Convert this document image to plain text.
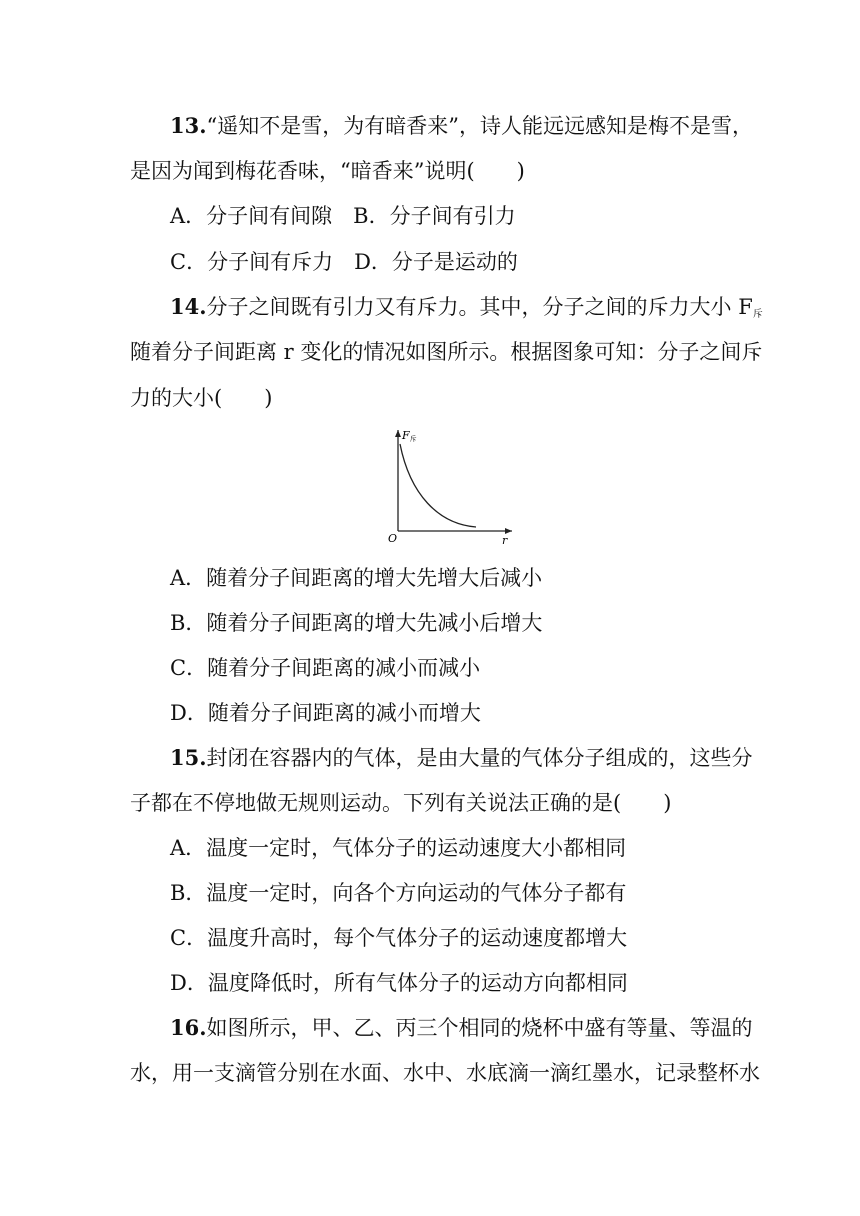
13.“遥知不是雪，为有暗香来”，诗人能远远感知是梅不是雪，
是因为闻到梅花香味，“暗香来”说明(　　)
A．分子间有间隙　B．分子间有引力
C．分子间有斥力　D．分子是运动的
14.分子之间既有引力又有斥力。其中，分子之间的斥力大小 $F_斥$
随着分子间距离 r 变化的情况如图所示。根据图象可知：分子之间斥
力的大小(　　)
F斥
O	r
A．随着分子间距离的增大先增大后减小
B．随着分子间距离的增大先减小后增大
C．随着分子间距离的减小而减小
D．随着分子间距离的减小而增大
15.封闭在容器内的气体，是由大量的气体分子组成的，这些分
子都在不停地做无规则运动。下列有关说法正确的是(　　)
A．温度一定时，气体分子的运动速度大小都相同
B．温度一定时，向各个方向运动的气体分子都有
C．温度升高时，每个气体分子的运动速度都增大
D．温度降低时，所有气体分子的运动方向都相同
16.如图所示，甲、乙、丙三个相同的烧杯中盛有等量、等温的
水，用一支滴管分别在水面、水中、水底滴一滴红墨水，记录整杯水
